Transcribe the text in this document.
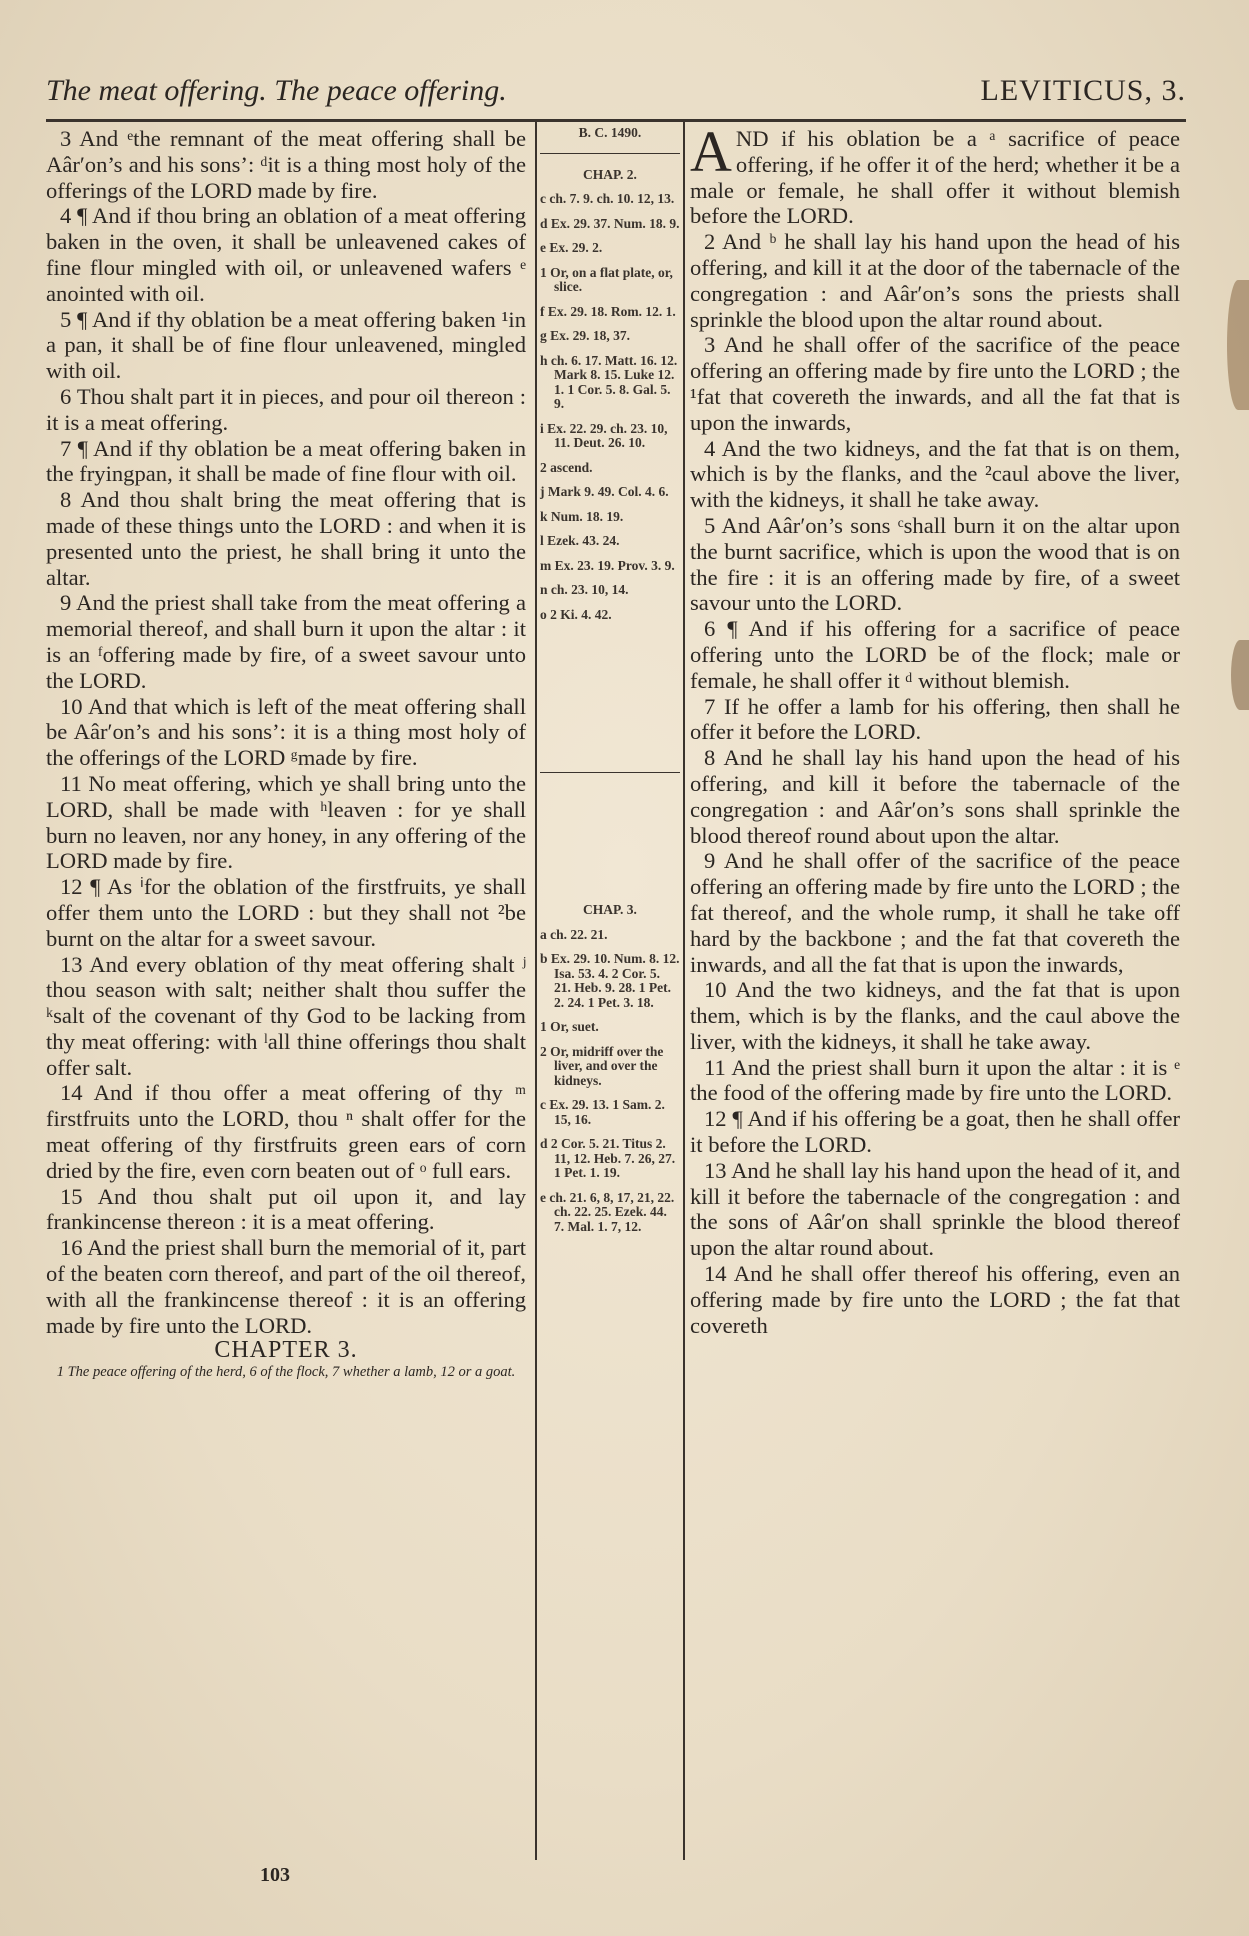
The meat offering. The peace offering.	LEVITICUS, 3.

3 And ᵉthe remnant of the meat offering shall be Aâr′on’s and his sons’: ᵈit is a thing most holy of the offerings of the LORD made by fire.

4 ¶ And if thou bring an oblation of a meat offering baken in the oven, it shall be unleavened cakes of fine flour mingled with oil, or unleavened wafers ᵉ anointed with oil.

5 ¶ And if thy oblation be a meat offering baken ¹in a pan, it shall be of fine flour unleavened, mingled with oil.

6 Thou shalt part it in pieces, and pour oil thereon : it is a meat offering.

7 ¶ And if thy oblation be a meat offering baken in the fryingpan, it shall be made of fine flour with oil.

8 And thou shalt bring the meat offering that is made of these things unto the LORD : and when it is presented unto the priest, he shall bring it unto the altar.

9 And the priest shall take from the meat offering a memorial thereof, and shall burn it upon the altar : it is an ᶠoffering made by fire, of a sweet savour unto the LORD.

10 And that which is left of the meat offering shall be Aâr′on’s and his sons’: it is a thing most holy of the offerings of the LORD ᵍmade by fire.

11 No meat offering, which ye shall bring unto the LORD, shall be made with ʰleaven : for ye shall burn no leaven, nor any honey, in any offering of the LORD made by fire.

12 ¶ As ⁱfor the oblation of the firstfruits, ye shall offer them unto the LORD : but they shall not ²be burnt on the altar for a sweet savour.

13 And every oblation of thy meat offering shalt ʲ thou season with salt; neither shalt thou suffer the ᵏsalt of the covenant of thy God to be lacking from thy meat offering: with ˡall thine offerings thou shalt offer salt.

14 And if thou offer a meat offering of thy ᵐ firstfruits unto the LORD, thou ⁿ shalt offer for the meat offering of thy firstfruits green ears of corn dried by the fire, even corn beaten out of ᵒ full ears.

15 And thou shalt put oil upon it, and lay frankincense thereon : it is a meat offering.

16 And the priest shall burn the memorial of it, part of the beaten corn thereof, and part of the oil thereof, with all the frankincense thereof : it is an offering made by fire unto the LORD.

CHAPTER 3.

1 The peace offering of the herd, 6 of the flock, 7 whether a lamb, 12 or a goat.

B. C. 1490.
CHAP. 2.
c ch. 7. 9. ch. 10. 12, 13.
d Ex. 29. 37. Num. 18. 9.
e Ex. 29. 2.
1 Or, on a flat plate, or, slice.
f Ex. 29. 18. Rom. 12. 1.
g Ex. 29. 18, 37.
h ch. 6. 17. Matt. 16. 12. Mark 8. 15. Luke 12. 1. 1 Cor. 5. 8. Gal. 5. 9.
i Ex. 22. 29. ch. 23. 10, 11. Deut. 26. 10.
2 ascend.
j Mark 9. 49. Col. 4. 6.
k Num. 18. 19.
l Ezek. 43. 24.
m Ex. 23. 19. Prov. 3. 9.
n ch. 23. 10, 14.
o 2 Ki. 4. 42.
CHAP. 3.
a ch. 22. 21.
b Ex. 29. 10. Num. 8. 12. Isa. 53. 4. 2 Cor. 5. 21. Heb. 9. 28. 1 Pet. 2. 24. 1 Pet. 3. 18.
1 Or, suet.
2 Or, midriff over the liver, and over the kidneys.
c Ex. 29. 13. 1 Sam. 2. 15, 16.
d 2 Cor. 5. 21. Titus 2. 11, 12. Heb. 7. 26, 27. 1 Pet. 1. 19.
e ch. 21. 6, 8, 17, 21, 22. ch. 22. 25. Ezek. 44. 7. Mal. 1. 7, 12.

AND if his oblation be a ᵃ sacrifice of peace offering, if he offer it of the herd; whether it be a male or female, he shall offer it without blemish before the LORD.

2 And ᵇ he shall lay his hand upon the head of his offering, and kill it at the door of the tabernacle of the congregation : and Aâr′on’s sons the priests shall sprinkle the blood upon the altar round about.

3 And he shall offer of the sacrifice of the peace offering an offering made by fire unto the LORD ; the ¹fat that covereth the inwards, and all the fat that is upon the inwards,

4 And the two kidneys, and the fat that is on them, which is by the flanks, and the ²caul above the liver, with the kidneys, it shall he take away.

5 And Aâr′on’s sons ᶜshall burn it on the altar upon the burnt sacrifice, which is upon the wood that is on the fire : it is an offering made by fire, of a sweet savour unto the LORD.

6 ¶ And if his offering for a sacrifice of peace offering unto the LORD be of the flock; male or female, he shall offer it ᵈ without blemish.

7 If he offer a lamb for his offering, then shall he offer it before the LORD.

8 And he shall lay his hand upon the head of his offering, and kill it before the tabernacle of the congregation : and Aâr′on’s sons shall sprinkle the blood thereof round about upon the altar.

9 And he shall offer of the sacrifice of the peace offering an offering made by fire unto the LORD ; the fat thereof, and the whole rump, it shall he take off hard by the backbone ; and the fat that covereth the inwards, and all the fat that is upon the inwards,

10 And the two kidneys, and the fat that is upon them, which is by the flanks, and the caul above the liver, with the kidneys, it shall he take away.

11 And the priest shall burn it upon the altar : it is ᵉ the food of the offering made by fire unto the LORD.

12 ¶ And if his offering be a goat, then he shall offer it before the LORD.

13 And he shall lay his hand upon the head of it, and kill it before the tabernacle of the congregation : and the sons of Aâr′on shall sprinkle the blood thereof upon the altar round about.

14 And he shall offer thereof his offering, even an offering made by fire unto the LORD ; the fat that covereth

103
